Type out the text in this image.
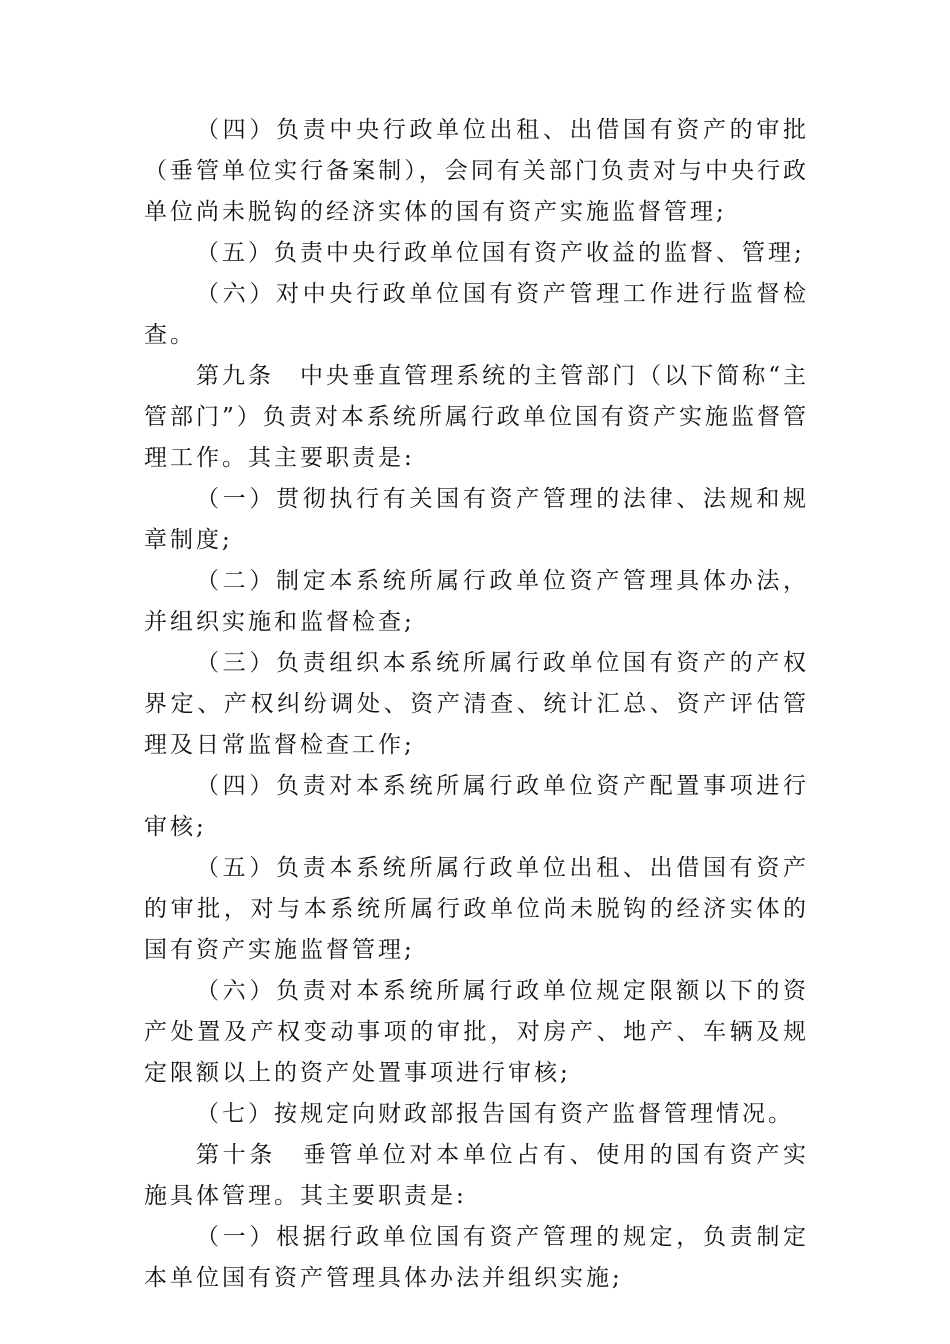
（四）负责中央行政单位出租、出借国有资产的审批（垂管单位实行备案制），会同有关部门负责对与中央行政单位尚未脱钩的经济实体的国有资产实施监督管理;

（五）负责中央行政单位国有资产收益的监督、管理;

（六）对中央行政单位国有资产管理工作进行监督检查。

第九条　中央垂直管理系统的主管部门（以下简称“主管部门”）负责对本系统所属行政单位国有资产实施监督管理工作。其主要职责是:

（一）贯彻执行有关国有资产管理的法律、法规和规章制度;

（二）制定本系统所属行政单位资产管理具体办法，并组织实施和监督检查;

（三）负责组织本系统所属行政单位国有资产的产权界定、产权纠纷调处、资产清查、统计汇总、资产评估管理及日常监督检查工作;

（四）负责对本系统所属行政单位资产配置事项进行审核;

（五）负责本系统所属行政单位出租、出借国有资产的审批，对与本系统所属行政单位尚未脱钩的经济实体的国有资产实施监督管理;

（六）负责对本系统所属行政单位规定限额以下的资产处置及产权变动事项的审批，对房产、地产、车辆及规定限额以上的资产处置事项进行审核;

（七）按规定向财政部报告国有资产监督管理情况。

第十条　垂管单位对本单位占有、使用的国有资产实施具体管理。其主要职责是:

（一）根据行政单位国有资产管理的规定，负责制定本单位国有资产管理具体办法并组织实施;
